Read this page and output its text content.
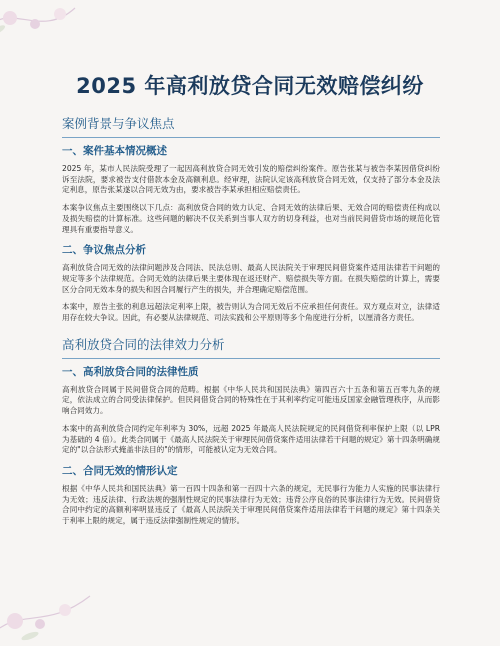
2025 年高利放贷合同无效赔偿纠纷
案例背景与争议焦点
一、案件基本情况概述

2025 年，某市人民法院受理了一起因高利放贷合同无效引发的赔偿纠纷案件。原告张某与被告李某因借贷纠纷诉至法院，要求被告支付借款本金及高额利息。经审理，法院认定该高利放贷合同无效，仅支持了部分本金及法定利息，原告张某遂以合同无效为由，要求被告李某承担相应赔偿责任。

本案争议焦点主要围绕以下几点：高利放贷合同的效力认定、合同无效的法律后果、无效合同的赔偿责任构成以及损失赔偿的计算标准。这些问题的解决不仅关系到当事人双方的切身利益，也对当前民间借贷市场的规范化管理具有重要指导意义。

二、争议焦点分析

高利放贷合同无效的法律问题涉及合同法、民法总则、最高人民法院关于审理民间借贷案件适用法律若干问题的规定等多个法律规范。合同无效的法律后果主要体现在返还财产、赔偿损失等方面。在损失赔偿的计算上，需要区分合同无效本身的损失和因合同履行产生的损失，并合理确定赔偿范围。

本案中，原告主张的利息远超法定利率上限，被告则认为合同无效后不应承担任何责任。双方观点对立，法律适用存在较大争议。因此，有必要从法律规范、司法实践和公平原则等多个角度进行分析，以厘清各方责任。

高利放贷合同的法律效力分析
一、高利放贷合同的法律性质

高利放贷合同属于民间借贷合同的范畴。根据《中华人民共和国民法典》第四百六十五条和第五百零九条的规定，依法成立的合同受法律保护。但民间借贷合同的特殊性在于其利率约定可能违反国家金融管理秩序，从而影响合同效力。

本案中的高利放贷合同约定年利率为 30%，远超 2025 年最高人民法院规定的民间借贷利率保护上限（以 LPR 为基础的 4 倍）。此类合同属于《最高人民法院关于审理民间借贷案件适用法律若干问题的规定》第十四条明确规定的"以合法形式掩盖非法目的"的情形，可能被认定为无效合同。

二、合同无效的情形认定

根据《中华人民共和国民法典》第一百四十四条和第一百四十六条的规定，无民事行为能力人实施的民事法律行为无效；违反法律、行政法规的强制性规定的民事法律行为无效；违背公序良俗的民事法律行为无效。民间借贷合同中约定的高额利率明显违反了《最高人民法院关于审理民间借贷案件适用法律若干问题的规定》第十四条关于利率上限的规定，属于违反法律强制性规定的情形。
